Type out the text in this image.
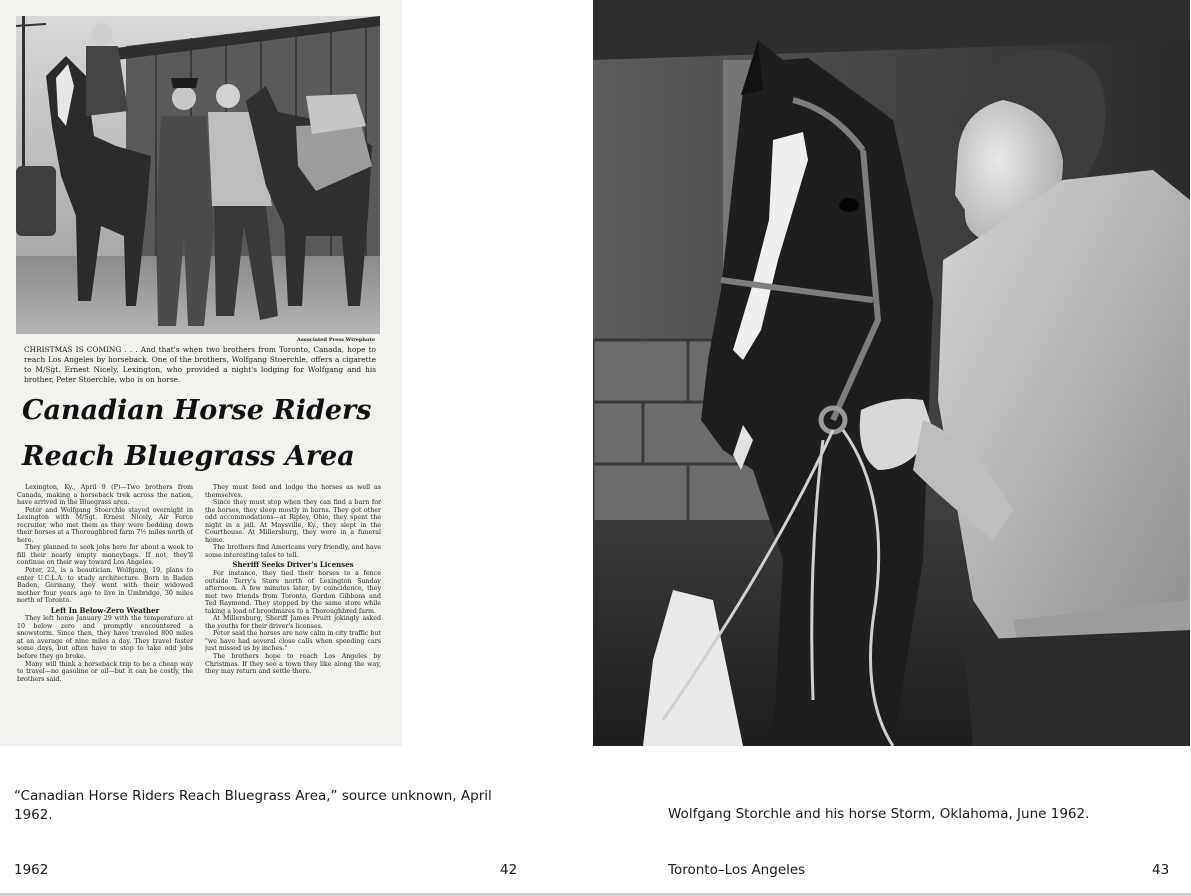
Associated Press Wirephoto
CHRISTMAS IS COMING . . . And that's when two brothers from Toronto, Canada, hope to reach Los Angeles by horseback. One of the brothers, Wolfgang Stoerchle, offers a cigarette to M/Sgt. Ernest Nicely, Lexington, who provided a night's lodging for Wolfgang and his brother, Peter Stoerchle, who is on horse.
Canadian Horse Riders
Reach Bluegrass Area

Lexington, Ky., April 9 (P)—Two brothers from Canada, making a horseback trek across the nation, have arrived in the Bluegrass area.

Peter and Wolfgang Stoerchle stayed overnight in Lexington with M/Sgt. Ernest Nicely, Air Force recruiter, who met them as they were bedding down their horses at a Thoroughbred farm 7½ miles north of here.

They planned to seek jobs here for about a week to fill their nearly empty moneybags. If not, they'll continue on their way toward Los Angeles.

Peter, 22, is a beautician. Wolfgang, 19, plans to enter U.C.L.A. to study architecture. Born in Baden Baden, Germany, they went with their widowed mother four years ago to live in Umbridge, 30 miles north of Toronto.

Left In Below-Zero Weather

They left home January 29 with the temperature at 10 below zero and promptly encountered a snowstorm. Since then, they have traveled 800 miles at an average of nine miles a day. They travel faster some days, but often have to stop to take odd jobs before they go broke.

Many will think a horseback trip to be a cheap way to travel—no gasoline or oil—but it can be costly, the brothers said.

They must feed and lodge the horses as well as themselves.

Since they must stop when they can find a barn for the horses, they sleep mostly in barns. They got other odd accommodations—at Ripley, Ohio, they spent the night in a jail. At Maysville, Ky., they slept in the Courthouse. At Millersburg, they were in a funeral home.

The brothers find Americans very friendly, and have some interesting tales to tell.

Sheriff Seeks Driver's Licenses

For instance, they tied their horses to a fence outside Terry's Store north of Lexington Sunday afternoon. A few minutes later, by coincidence, they met two friends from Toronto, Gordon Gibbons and Ted Raymond. They stopped by the same store while taking a load of broodmares to a Thoroughbred farm.

At Millersburg, Sheriff James Pruitt jokingly asked the youths for their driver's licenses.

Peter said the horses are now calm in city traffic but "we have had several close calls when speeding cars just missed us by inches."

The brothers hope to reach Los Angeles by Christmas. If they see a town they like along the way, they may return and settle there.

“Canadian Horse Riders Reach Bluegrass Area,” source unknown, April 1962.	Wolfgang Storchle and his horse Storm, Oklahoma, June 1962.
1962	42	Toronto–Los Angeles	43
